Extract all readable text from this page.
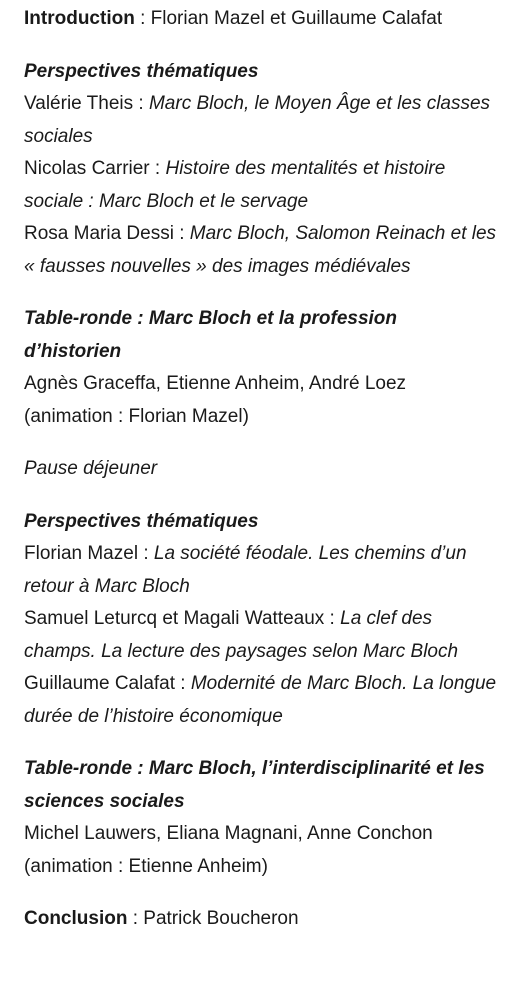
Introduction : Florian Mazel et Guillaume Calafat

Perspectives thématiques

Valérie Theis : Marc Bloch, le Moyen Âge et les classes sociales

Nicolas Carrier : Histoire des mentalités et histoire sociale : Marc Bloch et le servage

Rosa Maria Dessi : Marc Bloch, Salomon Reinach et les « fausses nouvelles » des images médiévales

Table-ronde : Marc Bloch et la profession d’historien

Agnès Graceffa, Etienne Anheim, André Loez (animation : Florian Mazel)

Pause déjeuner

Perspectives thématiques

Florian Mazel : La société féodale. Les chemins d’un retour à Marc Bloch

Samuel Leturcq et Magali Watteaux : La clef des champs. La lecture des paysages selon Marc Bloch

Guillaume Calafat : Modernité de Marc Bloch. La longue durée de l’histoire économique

Table-ronde : Marc Bloch, l’interdisciplinarité et les sciences sociales

Michel Lauwers, Eliana Magnani, Anne Conchon (animation : Etienne Anheim)

Conclusion : Patrick Boucheron
